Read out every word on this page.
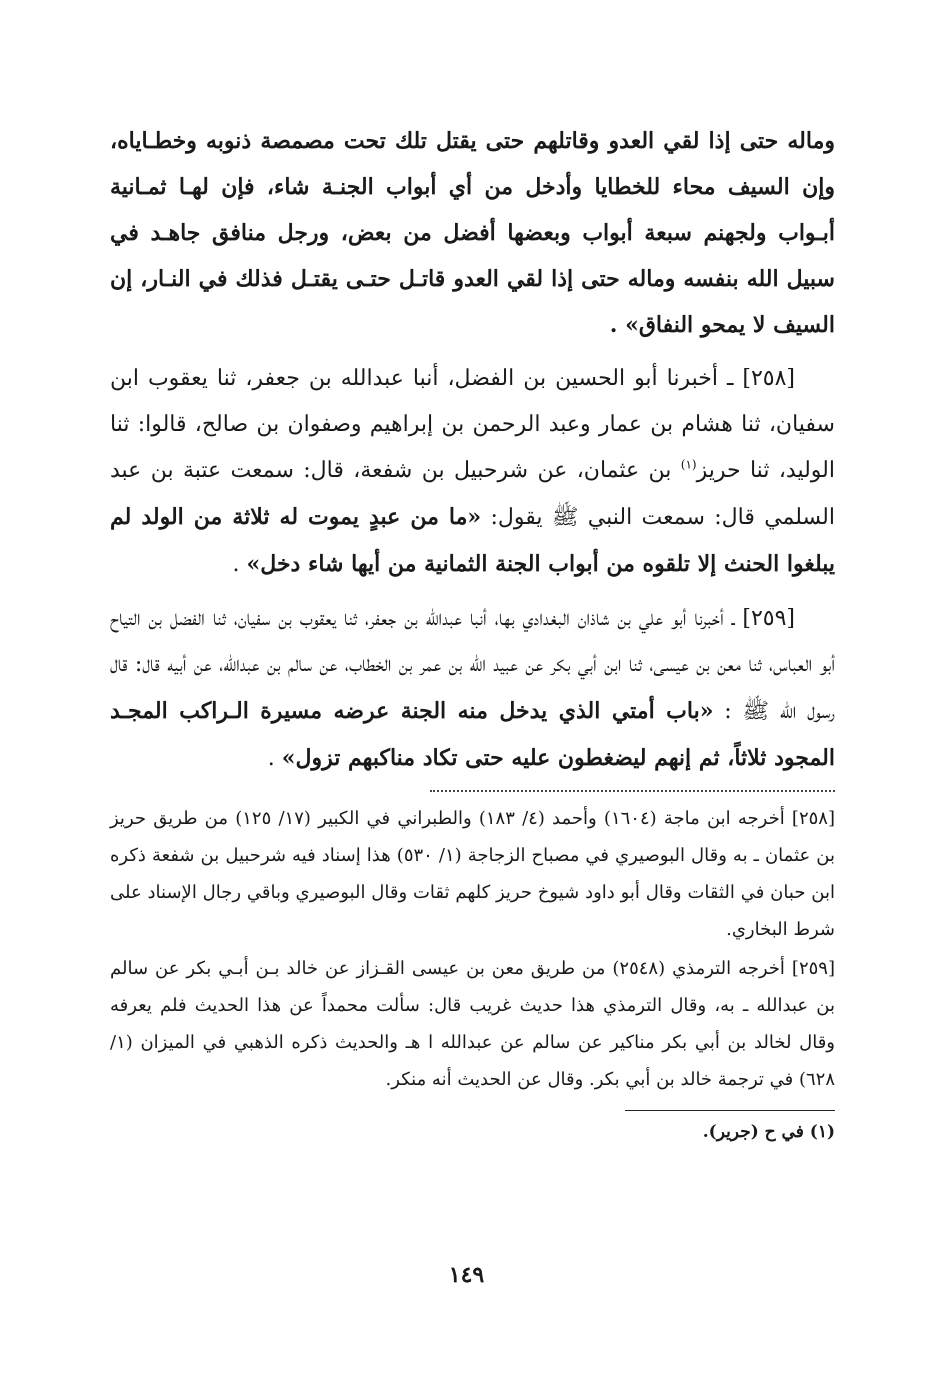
وماله حتى إذا لقي العدو وقاتلهم حتى يقتل تلك تحت مصمصة ذنوبه وخطـاياه، وإن السيف محاء للخطايا وأدخل من أي أبواب الجنـة شاء، فإن لهـا ثمـانية أبـواب ولجهنم سبعة أبواب وبعضها أفضل من بعض، ورجل منافق جاهـد في سبيل الله بنفسه وماله حتى إذا لقي العدو قاتـل حتـى يقتـل فذلك في النـار، إن السيف لا يمحو النفاق» .
[٢٥٨] ـ أخبرنا أبو الحسين بن الفضل، أنبا عبدالله بن جعفر، ثنا يعقوب ابن سفيان، ثنا هشام بن عمار وعبد الرحمن بن إبراهيم وصفوان بن صالح، قالوا: ثنا الوليد، ثنا حريز$^{(١)}$ بن عثمان، عن شرحبيل بن شفعة، قال: سمعت عتبة بن عبد السلمي قال: سمعت النبي ﷺ يقول: «ما من عبدٍ يموت له ثلاثة من الولد لم يبلغوا الحنث إلا تلقوه من أبواب الجنة الثمانية من أيها شاء دخل» .
[٢٥٩] ـ أخبرنا أبو علي بن شاذان البغدادي بها، أنبا عبدالله بن جعفر، ثنا يعقوب بن سفيان، ثنا الفضل بن التياح أبو العباس، ثنا معن بن عيسى، ثنا ابن أبي بكر عن عبيد الله بن عمر بن الخطاب، عن سالم بن عبدالله، عن أبيه قال: قال رسول الله ﷺ : «باب أمتي الذي يدخل منه الجنة عرضه مسيرة الـراكب المجـد المجود ثلاثاً، ثم إنهم ليضغطون عليه حتى تكاد مناكبهم تزول» .

[٢٥٨] أخرجه ابن ماجة (١٦٠٤) وأحمد (٤/ ١٨٣) والطبراني في الكبير (١٧/ ١٢٥) من طريق حريز بن عثمان ـ به وقال البوصيري في مصباح الزجاجة (١/ ٥٣٠) هذا إسناد فيه شرحبيل بن شفعة ذكره ابن حبان في الثقات وقال أبو داود شيوخ حريز كلهم ثقات وقال البوصيري وباقي رجال الإسناد على شرط البخاري.

[٢٥٩] أخرجه الترمذي (٢٥٤٨) من طريق معن بن عيسى القـزاز عن خالد بـن أبـي بكر عن سالم بن عبدالله ـ به، وقال الترمذي هذا حديث غريب قال: سألت محمداً عن هذا الحديث فلم يعرفه وقال لخالد بن أبي بكر مناكير عن سالم عن عبدالله ا هـ والحديث ذكره الذهبي في الميزان (١/ ٦٢٨) في ترجمة خالد بن أبي بكر. وقال عن الحديث أنه منكر.

(١) في ح (جرير).
١٤٩
